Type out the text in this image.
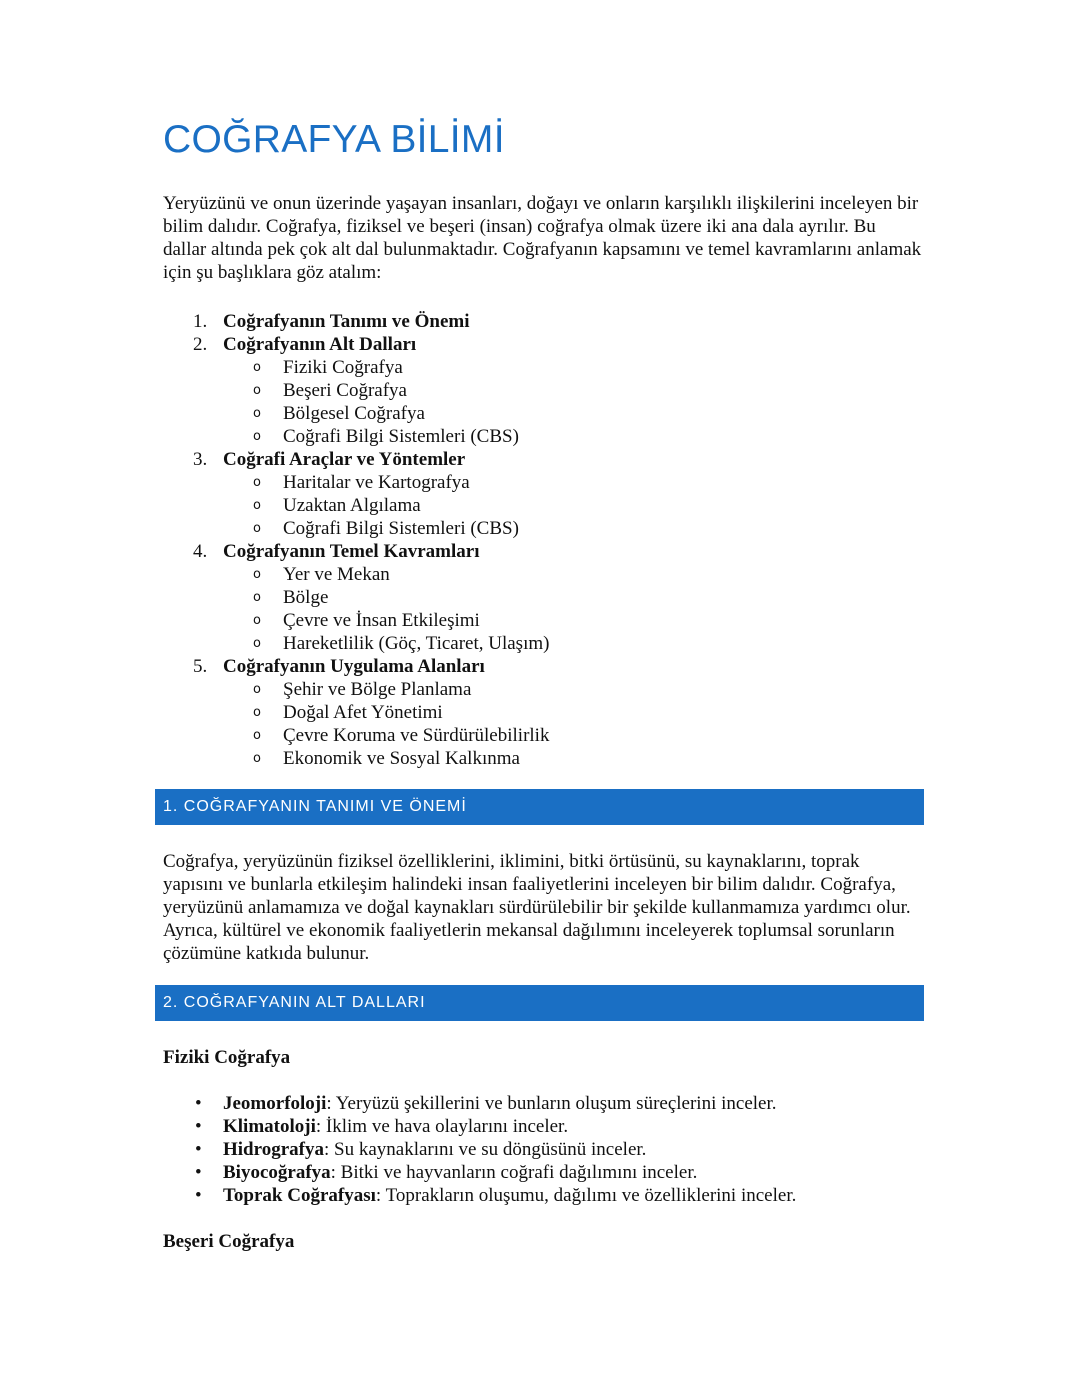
COĞRAFYA BİLİMİ

Yeryüzünü ve onun üzerinde yaşayan insanları, doğayı ve onların karşılıklı ilişkilerini inceleyen bir bilim dalıdır. Coğrafya, fiziksel ve beşeri (insan) coğrafya olmak üzere iki ana dala ayrılır. Bu dallar altında pek çok alt dal bulunmaktadır. Coğrafyanın kapsamını ve temel kavramlarını anlamak için şu başlıklara göz atalım:

1. Coğrafyanın Tanımı ve Önemi
2. Coğrafyanın Alt Dalları
o Fiziki Coğrafya
o Beşeri Coğrafya
o Bölgesel Coğrafya
o Coğrafi Bilgi Sistemleri (CBS)
3. Coğrafi Araçlar ve Yöntemler
o Haritalar ve Kartografya
o Uzaktan Algılama
o Coğrafi Bilgi Sistemleri (CBS)
4. Coğrafyanın Temel Kavramları
o Yer ve Mekan
o Bölge
o Çevre ve İnsan Etkileşimi
o Hareketlilik (Göç, Ticaret, Ulaşım)
5. Coğrafyanın Uygulama Alanları
o Şehir ve Bölge Planlama
o Doğal Afet Yönetimi
o Çevre Koruma ve Sürdürülebilirlik
o Ekonomik ve Sosyal Kalkınma
1. COĞRAFYANIN TANIMI VE ÖNEMİ

Coğrafya, yeryüzünün fiziksel özelliklerini, iklimini, bitki örtüsünü, su kaynaklarını, toprak yapısını ve bunlarla etkileşim halindeki insan faaliyetlerini inceleyen bir bilim dalıdır. Coğrafya, yeryüzünü anlamamıza ve doğal kaynakları sürdürülebilir bir şekilde kullanmamıza yardımcı olur. Ayrıca, kültürel ve ekonomik faaliyetlerin mekansal dağılımını inceleyerek toplumsal sorunların çözümüne katkıda bulunur.

2. COĞRAFYANIN ALT DALLARI

Fiziki Coğrafya

• Jeomorfoloji: Yeryüzü şekillerini ve bunların oluşum süreçlerini inceler.
• Klimatoloji: İklim ve hava olaylarını inceler.
• Hidrografya: Su kaynaklarını ve su döngüsünü inceler.
• Biyocoğrafya: Bitki ve hayvanların coğrafi dağılımını inceler.
• Toprak Coğrafyası: Toprakların oluşumu, dağılımı ve özelliklerini inceler.

Beşeri Coğrafya
